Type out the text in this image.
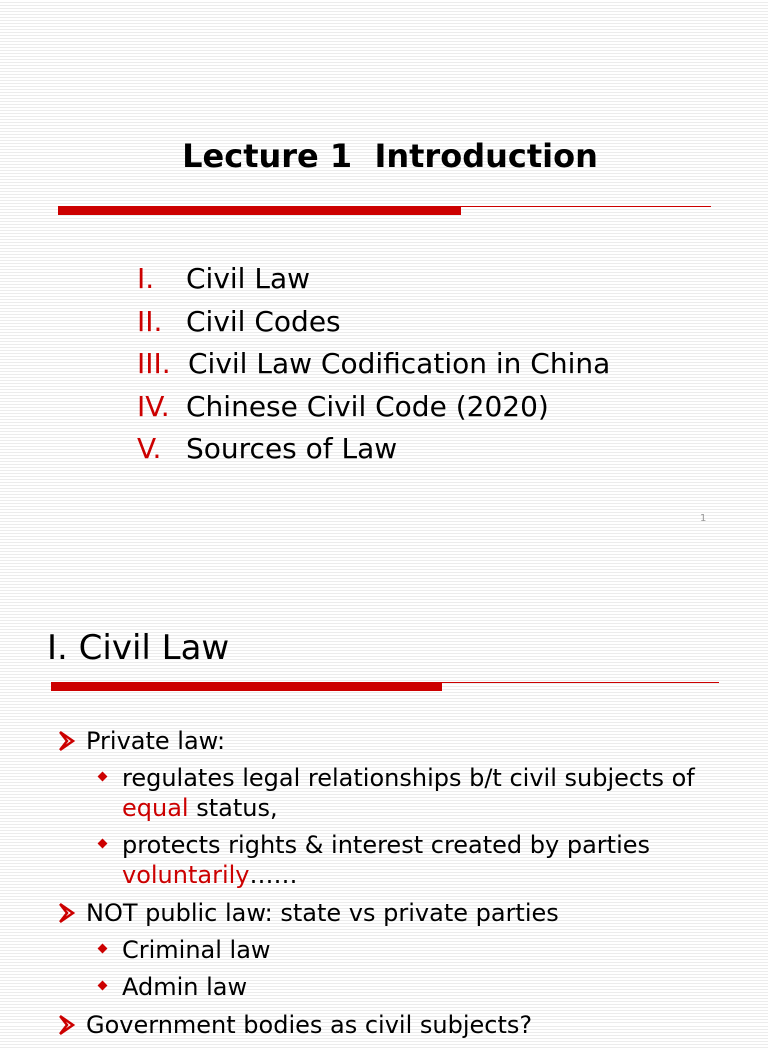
Lecture 1  Introduction
I. Civil Law
II. Civil Codes
III. Civil Law Codification in China
IV. Chinese Civil Code (2020)
V. Sources of Law
1
I. Civil Law
Private law:
regulates legal relationships b/t civil subjects of equal status,
protects rights & interest created by parties voluntarily……
NOT public law: state vs private parties
Criminal law
Admin law
Government bodies as civil subjects?
